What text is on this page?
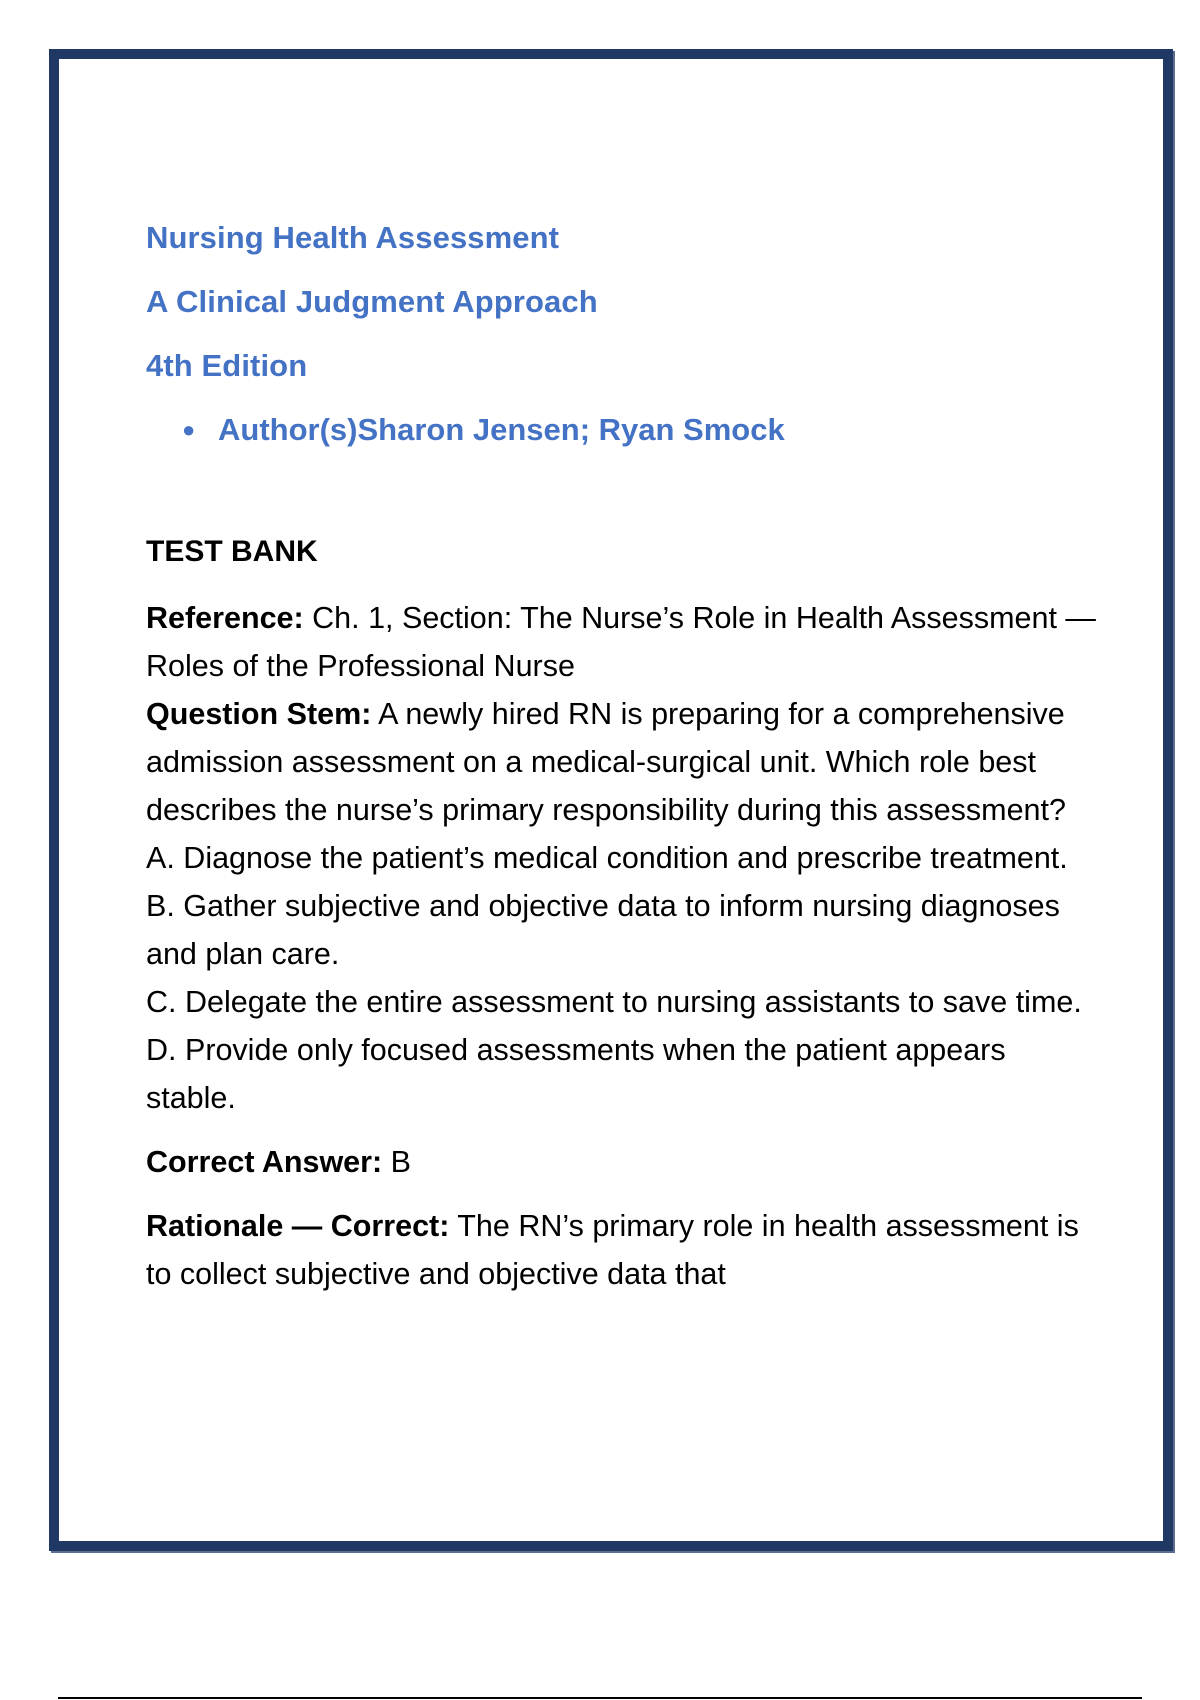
Nursing Health Assessment
A Clinical Judgment Approach
4th Edition
● Author(s)Sharon Jensen; Ryan Smock
TEST BANK

Reference: Ch. 1, Section: The Nurse’s Role in Health Assessment — Roles of the Professional Nurse

Question Stem: A newly hired RN is preparing for a comprehensive admission assessment on a medical-surgical unit. Which role best describes the nurse’s primary responsibility during this assessment?

A. Diagnose the patient’s medical condition and prescribe treatment.

B. Gather subjective and objective data to inform nursing diagnoses and plan care.

C. Delegate the entire assessment to nursing assistants to save time.

D. Provide only focused assessments when the patient appears stable.

Correct Answer: B

Rationale — Correct: The RN’s primary role in health assessment is to collect subjective and objective data that
